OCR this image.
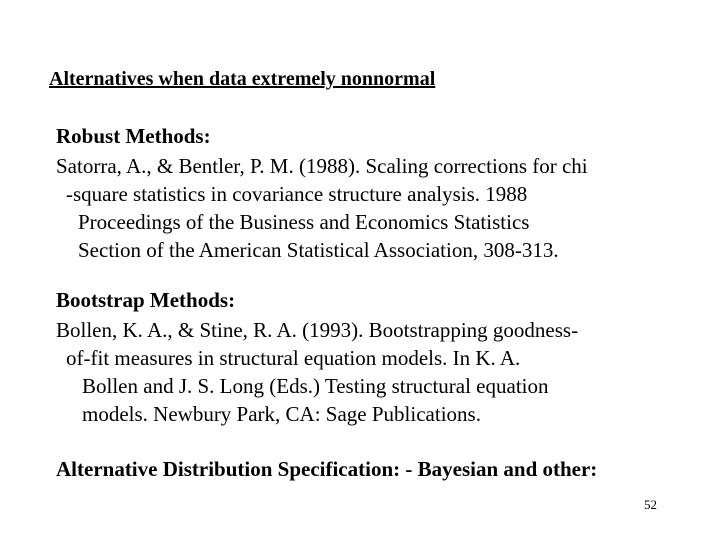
Alternatives when data extremely nonnormal
Robust Methods:
Satorra, A., & Bentler, P. M. (1988). Scaling corrections for chi
-square statistics in covariance structure analysis. 1988
Proceedings of the Business and Economics Statistics
Section of the American Statistical Association, 308-313.
Bootstrap Methods:
Bollen, K. A., & Stine, R. A. (1993). Bootstrapping goodness-
of-fit measures in structural equation models. In K. A.
Bollen and J. S. Long (Eds.) Testing structural equation
models. Newbury Park, CA: Sage Publications.
Alternative Distribution Specification: - Bayesian and other:
52
